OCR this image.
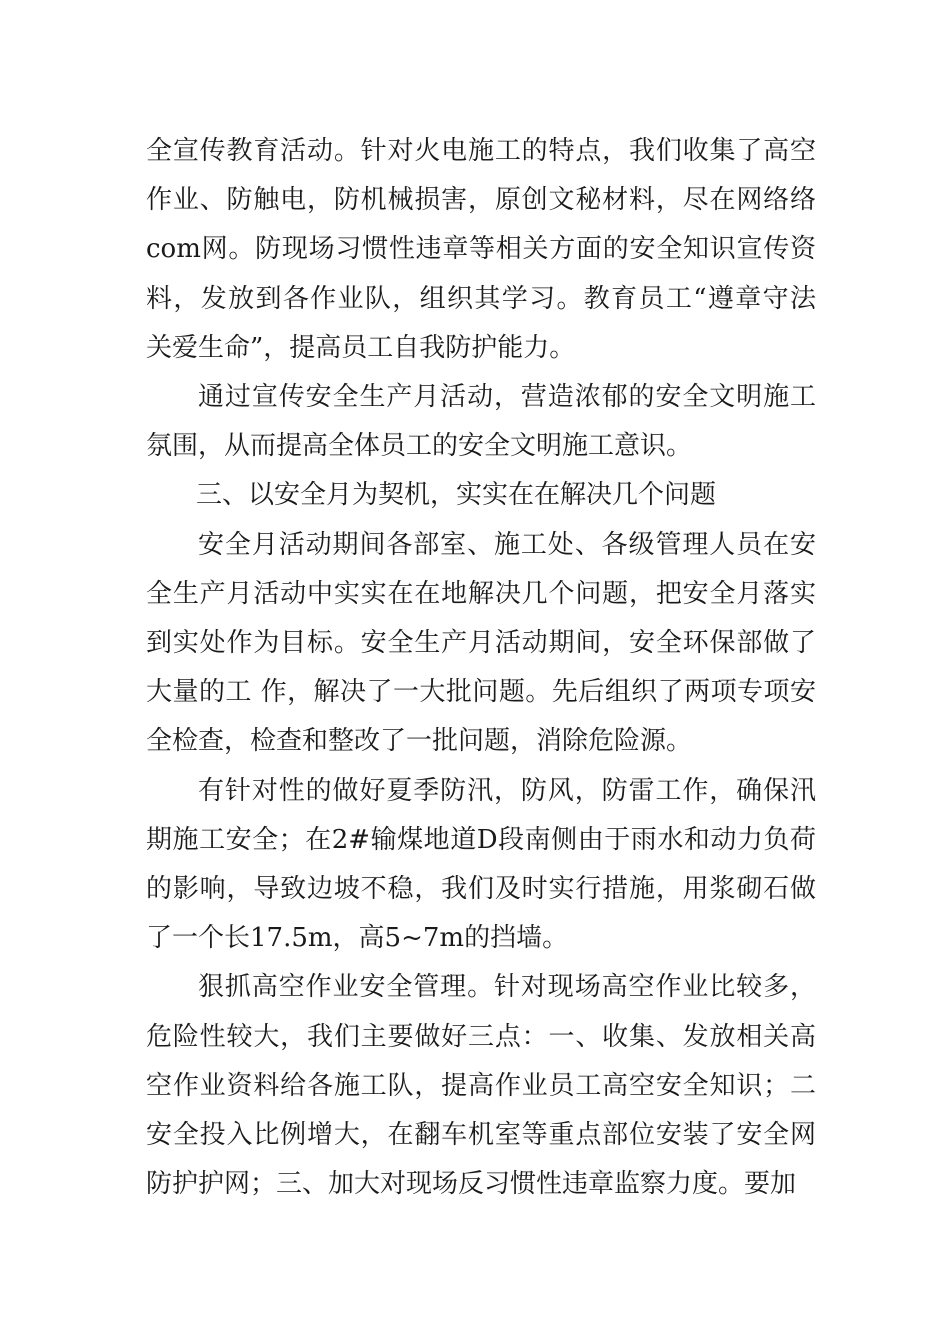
全宣传教育活动。针对火电施工的特点，我们收集了高空作业、防触电，防机械损害，原创文秘材料，尽在网络络com网。防现场习惯性违章等相关方面的安全知识宣传资料，发放到各作业队，组织其学习。教育员工“遵章守法 关爱生命”，提高员工自我防护能力。

通过宣传安全生产月活动，营造浓郁的安全文明施工氛围，从而提高全体员工的安全文明施工意识。

三、以安全月为契机，实实在在解决几个问题

安全月活动期间各部室、施工处、各级管理人员在安全生产月活动中实实在在地解决几个问题，把安全月落实到实处作为目标。安全生产月活动期间，安全环保部做了大量的工 作，解决了一大批问题。先后组织了两项专项安全检查，检查和整改了一批问题，消除危险源。

有针对性的做好夏季防汛，防风，防雷工作，确保汛期施工安全；在2#输煤地道D段南侧由于雨水和动力负荷的影响，导致边坡不稳，我们及时实行措施，用浆砌石做了一个长17.5m，高5~7m的挡墙。

狠抓高空作业安全管理。针对现场高空作业比较多，危险性较大，我们主要做好三点：一、收集、发放相关高空作业资料给各施工队，提高作业员工高空安全知识；二安全投入比例增大，在翻车机室等重点部位安装了安全网防护护网；三、加大对现场反习惯性违章监察力度。要加
